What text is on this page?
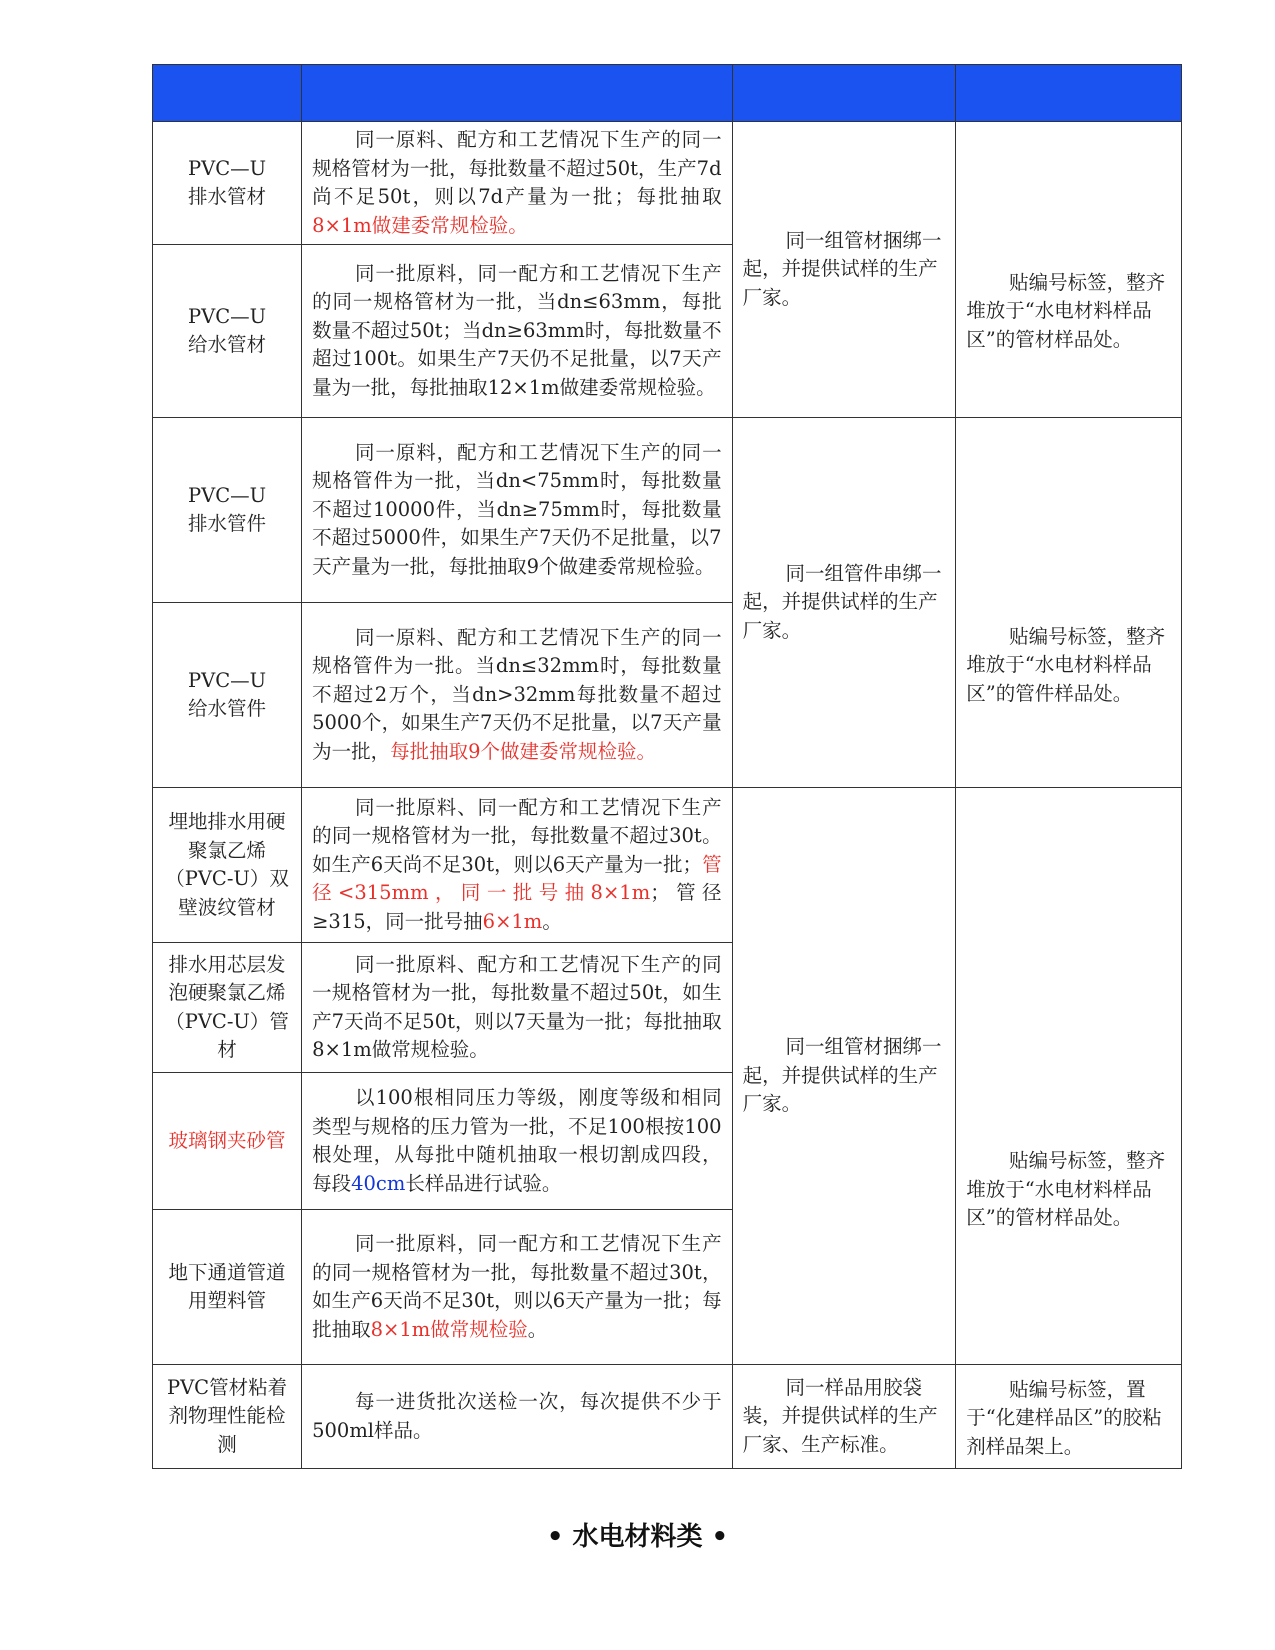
PVC—U
排水管材	同一原料、配方和工艺情况下生产的同一规格管材为一批，每批数量不超过50t，生产7d尚不足50t，则以7d产量为一批；每批抽取8×1m做建委常规检验。	同一组管材捆绑一起，并提供试样的生产厂家。	贴编号标签，整齐堆放于“水电材料样品区”的管材样品处。
PVC—U
给水管材	同一批原料，同一配方和工艺情况下生产的同一规格管材为一批，当dn≤63mm，每批数量不超过50t；当dn≥63mm时，每批数量不超过100t。如果生产7天仍不足批量，以7天产量为一批，每批抽取12×1m做建委常规检验。		
PVC—U
排水管件	同一原料，配方和工艺情况下生产的同一规格管件为一批，当dn<75mm时，每批数量不超过10000件，当dn≥75mm时，每批数量不超过5000件，如果生产7天仍不足批量，以7天产量为一批，每批抽取9个做建委常规检验。	同一组管件串绑一起，并提供试样的生产厂家。	贴编号标签，整齐堆放于“水电材料样品区”的管件样品处。
PVC—U
给水管件	同一原料、配方和工艺情况下生产的同一规格管件为一批。当dn≤32mm时，每批数量不超过2万个，当dn>32mm每批数量不超过5000个，如果生产7天仍不足批量，以7天产量为一批，每批抽取9个做建委常规检验。		
埋地排水用硬聚氯乙烯（PVC-U）双壁波纹管材	同一批原料、同一配方和工艺情况下生产的同一规格管材为一批，每批数量不超过30t。如生产6天尚不足30t，则以6天产量为一批；管径<315mm，同一批号抽8×1m；管径≥315，同一批号抽6×1m。	同一组管材捆绑一起，并提供试样的生产厂家。	贴编号标签，整齐堆放于“水电材料样品区”的管材样品处。
排水用芯层发泡硬聚氯乙烯（PVC-U）管材	同一批原料、配方和工艺情况下生产的同一规格管材为一批，每批数量不超过50t，如生产7天尚不足50t，则以7天量为一批；每批抽取8×1m做常规检验。		
玻璃钢夹砂管	以100根相同压力等级，刚度等级和相同类型与规格的压力管为一批，不足100根按100根处理，从每批中随机抽取一根切割成四段，每段40cm长样品进行试验。		
地下通道管道用塑料管	同一批原料，同一配方和工艺情况下生产的同一规格管材为一批，每批数量不超过30t，如生产6天尚不足30t，则以6天产量为一批；每批抽取8×1m做常规检验。		
PVC管材粘着剂物理性能检测	每一进货批次送检一次，每次提供不少于500ml样品。	同一样品用胶袋装，并提供试样的生产厂家、生产标准。	贴编号标签，置于“化建样品区”的胶粘剂样品架上。
• 水电材料类 •
